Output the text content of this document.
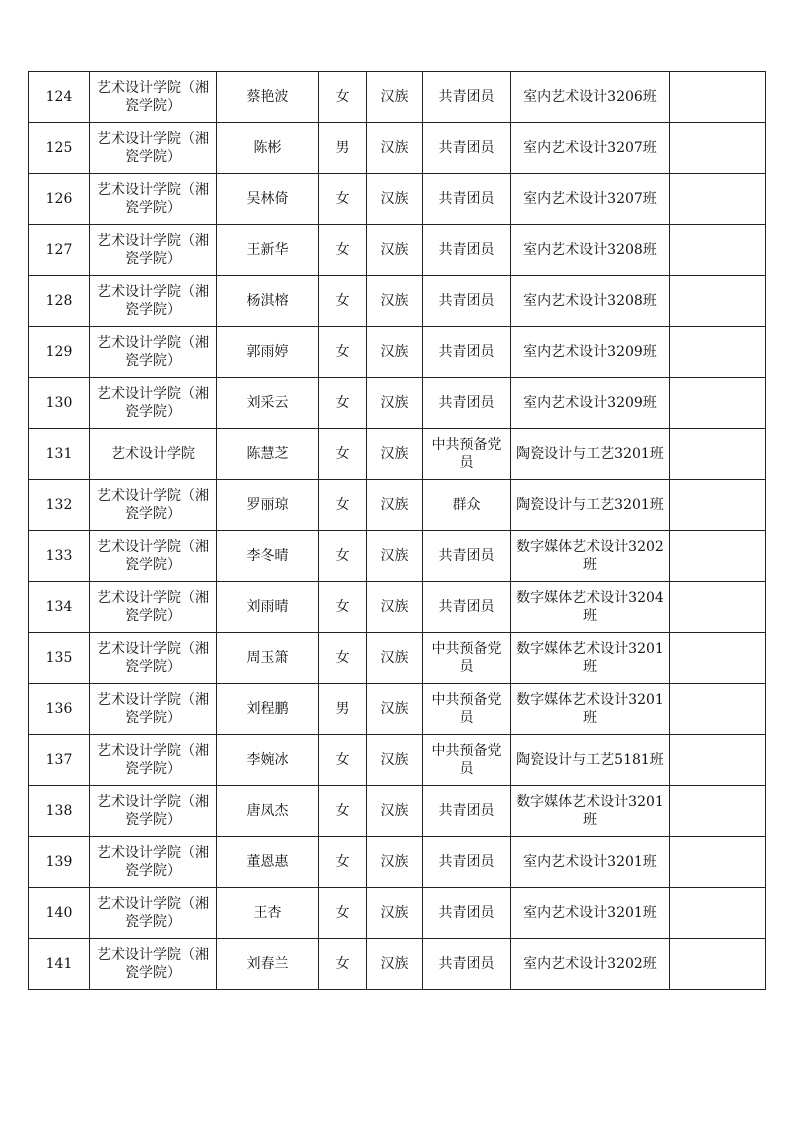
124	艺术设计学院（湘瓷学院）	蔡艳波	女	汉族	共青团员	室内艺术设计3206班	
125	艺术设计学院（湘瓷学院）	陈彬	男	汉族	共青团员	室内艺术设计3207班	
126	艺术设计学院（湘瓷学院）	吴林倚	女	汉族	共青团员	室内艺术设计3207班	
127	艺术设计学院（湘瓷学院）	王新华	女	汉族	共青团员	室内艺术设计3208班	
128	艺术设计学院（湘瓷学院）	杨淇榕	女	汉族	共青团员	室内艺术设计3208班	
129	艺术设计学院（湘瓷学院）	郭雨婷	女	汉族	共青团员	室内艺术设计3209班	
130	艺术设计学院（湘瓷学院）	刘采云	女	汉族	共青团员	室内艺术设计3209班	
131	艺术设计学院	陈慧芝	女	汉族	中共预备党员	陶瓷设计与工艺3201班	
132	艺术设计学院（湘瓷学院）	罗丽琼	女	汉族	群众	陶瓷设计与工艺3201班	
133	艺术设计学院（湘瓷学院）	李冬晴	女	汉族	共青团员	数字媒体艺术设计3202班	
134	艺术设计学院（湘瓷学院）	刘雨晴	女	汉族	共青团员	数字媒体艺术设计3204班	
135	艺术设计学院（湘瓷学院）	周玉箫	女	汉族	中共预备党员	数字媒体艺术设计3201班	
136	艺术设计学院（湘瓷学院）	刘程鹏	男	汉族	中共预备党员	数字媒体艺术设计3201班	
137	艺术设计学院（湘瓷学院）	李婉冰	女	汉族	中共预备党员	陶瓷设计与工艺5181班	
138	艺术设计学院（湘瓷学院）	唐凤杰	女	汉族	共青团员	数字媒体艺术设计3201班	
139	艺术设计学院（湘瓷学院）	董恩惠	女	汉族	共青团员	室内艺术设计3201班	
140	艺术设计学院（湘瓷学院）	王杏	女	汉族	共青团员	室内艺术设计3201班	
141	艺术设计学院（湘瓷学院）	刘春兰	女	汉族	共青团员	室内艺术设计3202班	
